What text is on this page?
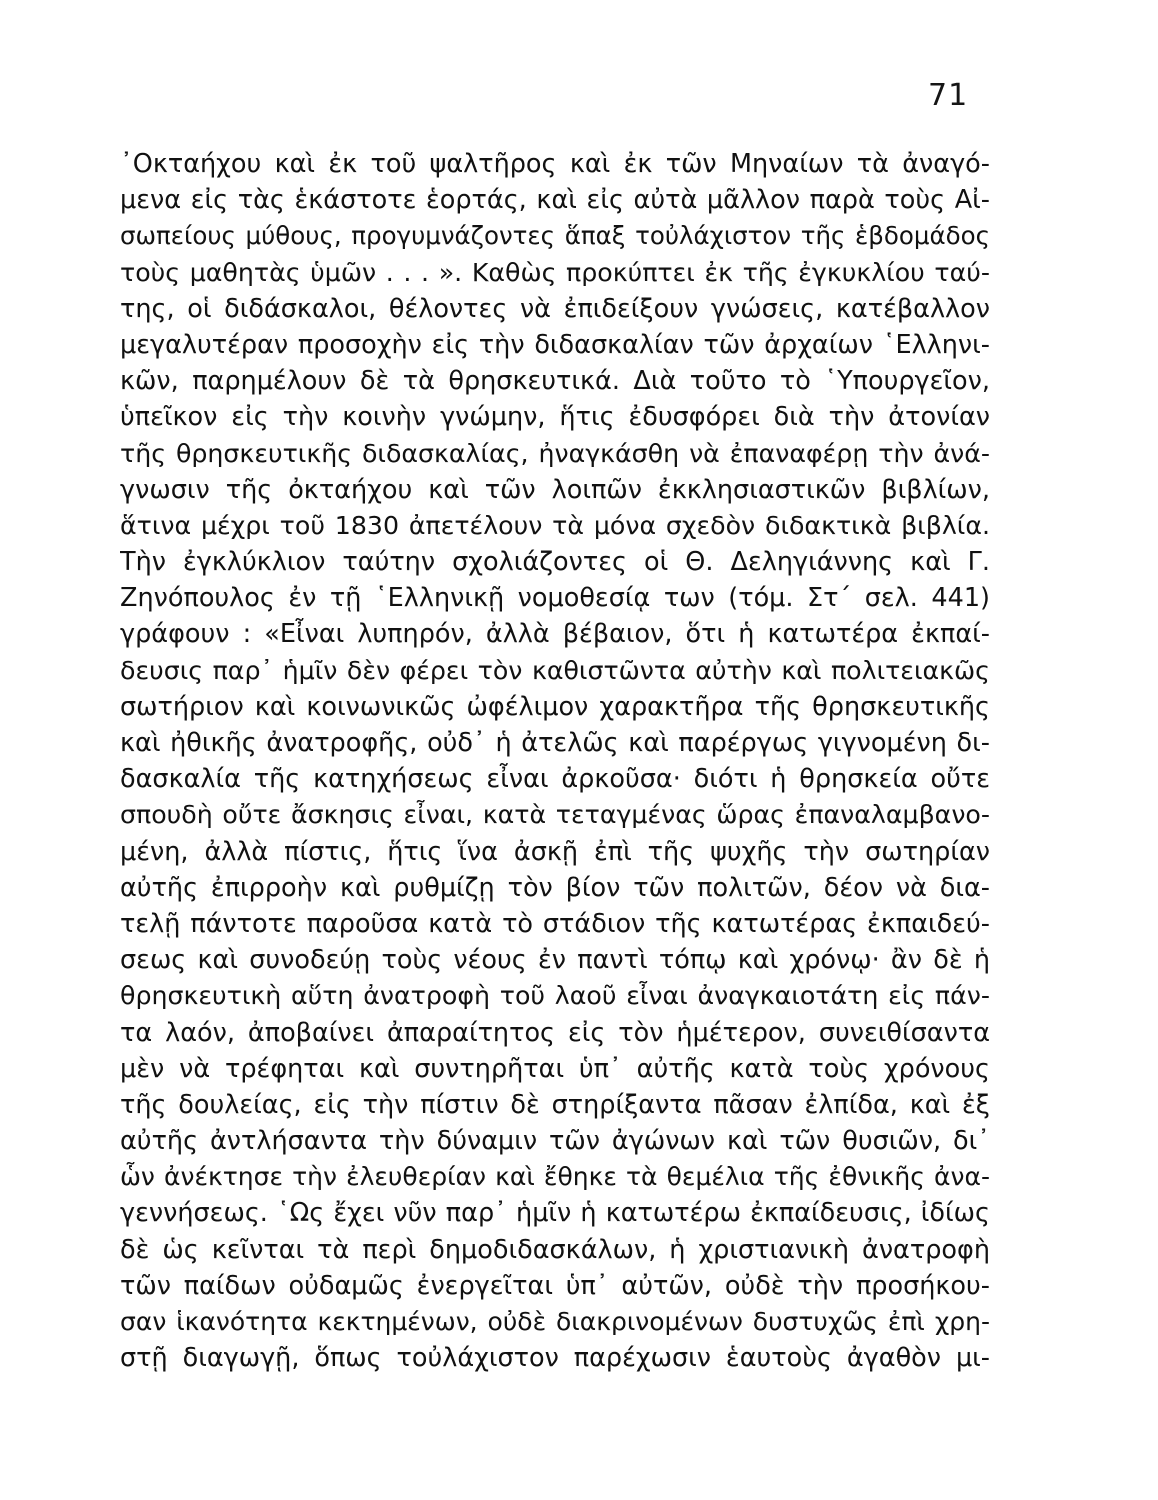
71
᾿Οκταήχου καὶ ἐκ τοῦ ψαλτῆρος καὶ ἐκ τῶν Μηναίων τὰ ἀναγό-
μενα εἰς τὰς ἑκάστοτε ἑορτάς, καὶ εἰς αὐτὰ μᾶλλον παρὰ τοὺς Αἰ-
σωπείους μύθους, προγυμνάζοντες ἅπαξ τοὐλάχιστον τῆς ἑβδομάδος
τοὺς μαθητὰς ὑμῶν . . . ». Καθὼς προκύπτει ἐκ τῆς ἐγκυκλίου ταύ-
της, οἱ διδάσκαλοι, θέλοντες νὰ ἐπιδείξουν γνώσεις, κατέβαλλον
μεγαλυτέραν προσοχὴν εἰς τὴν διδασκαλίαν τῶν ἀρχαίων ῾Ελληνι-
κῶν, παρημέλουν δὲ τὰ θρησκευτικά. Διὰ τοῦτο τὸ ῾Υπουργεῖον,
ὑπεῖκον εἰς τὴν κοινὴν γνώμην, ἥτις ἐδυσφόρει διὰ τὴν ἀτονίαν
τῆς θρησκευτικῆς διδασκαλίας, ἠναγκάσθη νὰ ἐπαναφέρῃ τὴν ἀνά-
γνωσιν τῆς ὀκταήχου καὶ τῶν λοιπῶν ἐκκλησιαστικῶν βιβλίων,
ἅτινα μέχρι τοῦ 1830 ἀπετέλουν τὰ μόνα σχεδὸν διδακτικὰ βιβλία.
Τὴν ἐγκλύκλιον ταύτην σχολιάζοντες οἱ Θ. Δεληγιάννης καὶ Γ.
Ζηνόπουλος ἐν τῇ ῾Ελληνικῇ νομοθεσίᾳ των (τόμ. Στ΄ σελ. 441)
γράφουν : «Εἶναι λυπηρόν, ἀλλὰ βέβαιον, ὅτι ἡ κατωτέρα ἐκπαί-
δευσις παρ᾿ ἡμῖν δὲν φέρει τὸν καθιστῶντα αὐτὴν καὶ πολιτειακῶς
σωτήριον καὶ κοινωνικῶς ὠφέλιμον χαρακτῆρα τῆς θρησκευτικῆς
καὶ ἠθικῆς ἀνατροφῆς, οὐδ᾿ ἡ ἀτελῶς καὶ παρέργως γιγνομένη δι-
δασκαλία τῆς κατηχήσεως εἶναι ἀρκοῦσα· διότι ἡ θρησκεία οὔτε
σπουδὴ οὔτε ἄσκησις εἶναι, κατὰ τεταγμένας ὥρας ἐπαναλαμβανο-
μένη, ἀλλὰ πίστις, ἥτις ἵνα ἀσκῇ ἐπὶ τῆς ψυχῆς τὴν σωτηρίαν
αὐτῆς ἐπιρροὴν καὶ ρυθμίζῃ τὸν βίον τῶν πολιτῶν, δέον νὰ δια-
τελῇ πάντοτε παροῦσα κατὰ τὸ στάδιον τῆς κατωτέρας ἐκπαιδεύ-
σεως καὶ συνοδεύῃ τοὺς νέους ἐν παντὶ τόπῳ καὶ χρόνῳ· ἂν δὲ ἡ
θρησκευτικὴ αὕτη ἀνατροφὴ τοῦ λαοῦ εἶναι ἀναγκαιοτάτη εἰς πάν-
τα λαόν, ἀποβαίνει ἀπαραίτητος εἰς τὸν ἡμέτερον, συνειθίσαντα
μὲν νὰ τρέφηται καὶ συντηρῆται ὑπ᾿ αὐτῆς κατὰ τοὺς χρόνους
τῆς δουλείας, εἰς τὴν πίστιν δὲ στηρίξαντα πᾶσαν ἐλπίδα, καὶ ἐξ
αὐτῆς ἀντλήσαντα τὴν δύναμιν τῶν ἀγώνων καὶ τῶν θυσιῶν, δι᾿
ὧν ἀνέκτησε τὴν ἐλευθερίαν καὶ ἔθηκε τὰ θεμέλια τῆς ἐθνικῆς ἀνα-
γεννήσεως. ῾Ως ἔχει νῦν παρ᾿ ἡμῖν ἡ κατωτέρω ἐκπαίδευσις, ἰδίως
δὲ ὡς κεῖνται τὰ περὶ δημοδιδασκάλων, ἡ χριστιανικὴ ἀνατροφὴ
τῶν παίδων οὐδαμῶς ἐνεργεῖται ὑπ᾿ αὐτῶν, οὐδὲ τὴν προσήκου-
σαν ἱκανότητα κεκτημένων, οὐδὲ διακρινομένων δυστυχῶς ἐπὶ χρη-
στῇ διαγωγῇ, ὅπως τοὐλάχιστον παρέχωσιν ἑαυτοὺς ἀγαθὸν μι-
